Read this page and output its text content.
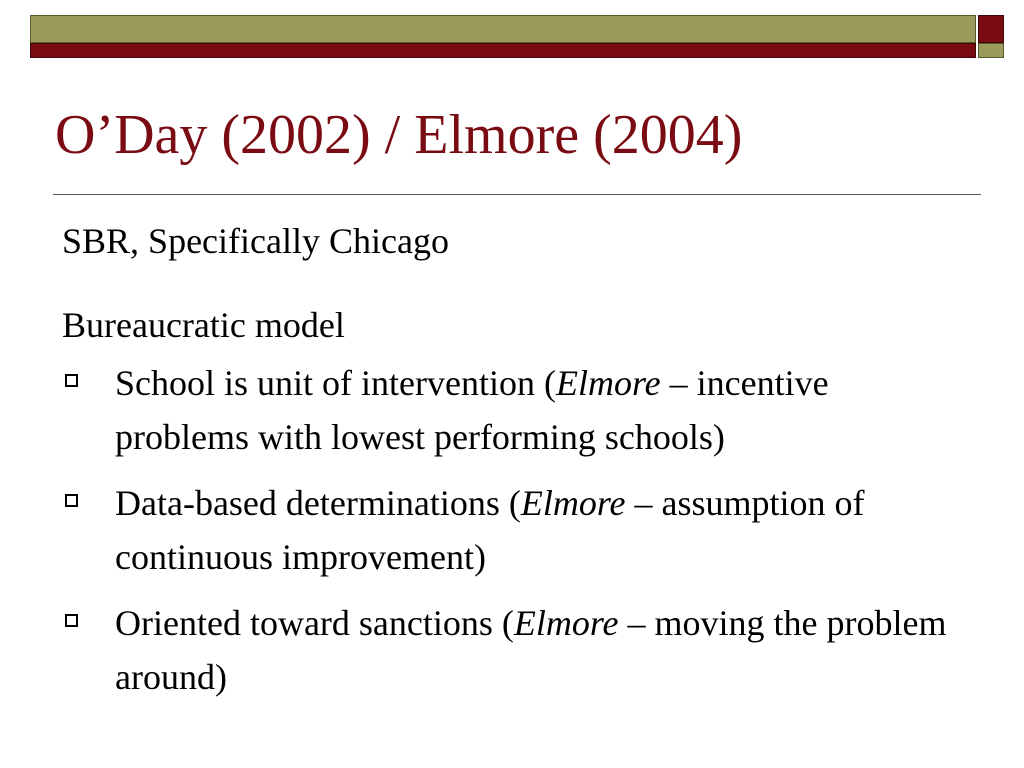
O’Day (2002) / Elmore (2004)

SBR, Specifically Chicago

Bureaucratic model

School is unit of intervention (Elmore – incentive problems with lowest performing schools)
Data-based determinations (Elmore – assumption of continuous improvement)
Oriented toward sanctions (Elmore – moving the problem around)
